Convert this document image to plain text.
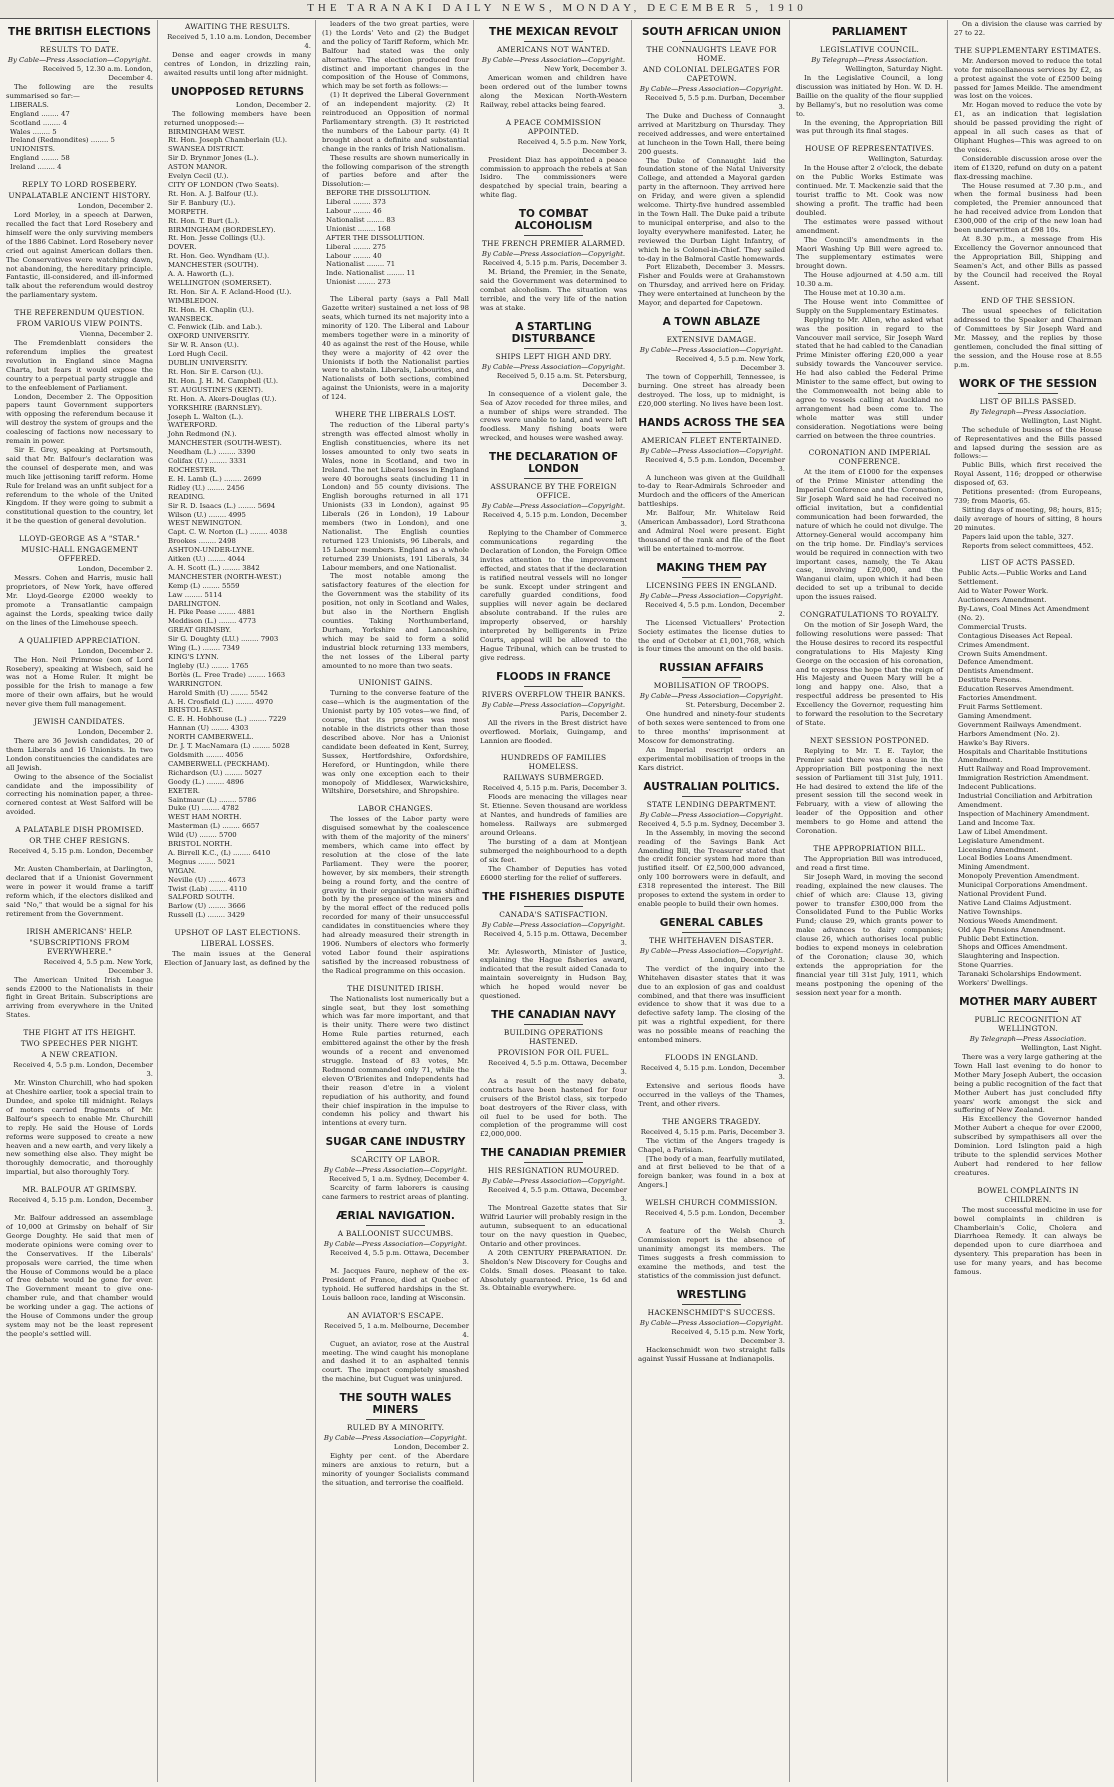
THE TARANAKI DAILY NEWS, MONDAY, DECEMBER 5, 1910
THE BRITISH ELECTIONS
RESULTS TO DATE.
By Cable—Press Association—Copyright.
Received 5, 12.30 a.m. London, December 4.

The following are the results summarised so far:—

LIBERALS.
England ........ 47
Scotland ........ 4
Wales ........ 5
Ireland (Redmondites) ........ 5
UNIONISTS.
England ........ 58
Ireland ........ 4
REPLY TO LORD ROSEBERY.
UNPALATABLE ANCIENT HISTORY.
London, December 2.

Lord Morley, in a speech at Darwen, recalled the fact that Lord Rosebery and himself were the only surviving members of the 1886 Cabinet. Lord Rosebery never cried out against American dollars then. The Conservatives were watching dawn, not abandoning, the hereditary principle. Fantastic, ill-considered, and ill-informed talk about the referendum would destroy the parliamentary system.

THE REFERENDUM QUESTION.
FROM VARIOUS VIEW POINTS.
Vienna, December 2.

The Fremdenblatt considers the referendum implies the greatest revolution in England since Magna Charta, but fears it would expose the country to a perpetual party struggle and to the enfeeblement of Parliament.

London, December 2. The Opposition papers taunt Government supporters with opposing the referendum because it will destroy the system of groups and the coalescing of factions now necessary to remain in power.

Sir E. Grey, speaking at Portsmouth, said that Mr. Balfour's declaration was the counsel of desperate men, and was much like jettisoning tariff reform. Home Rule for Ireland was an unfit subject for a referendum to the whole of the United Kingdom. If they were going to submit a constitutional question to the country, let it be the question of general devolution.

LLOYD-GEORGE AS A "STAR."
MUSIC-HALL ENGAGEMENT OFFERED.
London, December 2.

Messrs. Cohen and Harris, music hall proprietors, of New York, have offered Mr. Lloyd-George £2000 weekly to promote a Transatlantic campaign against the Lords, speaking twice daily on the lines of the Limehouse speech.

A QUALIFIED APPRECIATION.
London, December 2.

The Hon. Neil Primrose (son of Lord Rosebery), speaking at Wisbech, said he was not a Home Ruler. It might be possible for the Irish to manage a few more of their own affairs, but he would never give them full management.

JEWISH CANDIDATES.
London, December 2.

There are 36 Jewish candidates, 20 of them Liberals and 16 Unionists. In two London constituencies the candidates are all Jewish.

Owing to the absence of the Socialist candidate and the impossibility of correcting his nomination paper, a three-cornered contest at West Salford will be avoided.

A PALATABLE DISH PROMISED.
OR THE CHEF RESIGNS.
Received 4, 5.15 p.m. London, December 3.

Mr. Austen Chamberlain, at Darlington, declared that if a Unionist Government were in power it would frame a tariff reform which, if the electors disliked and said "No," that would be a signal for his retirement from the Government.

IRISH AMERICANS' HELP.
"SUBSCRIPTIONS FROM EVERYWHERE."
Received 4, 5.5 p.m. New York, December 3.

The American United Irish League sends £2000 to the Nationalists in their fight in Great Britain. Subscriptions are arriving from everywhere in the United States.

THE FIGHT AT ITS HEIGHT.
TWO SPEECHES PER NIGHT.
A NEW CREATION.
Received 4, 5.5 p.m. London, December 3.

Mr. Winston Churchill, who had spoken at Cheshire earlier, took a special train to Dundee, and spoke till midnight. Relays of motors carried fragments of Mr. Balfour's speech to enable Mr. Churchill to reply. He said the House of Lords reforms were supposed to create a new heaven and a new earth, and very likely a new something else also. They might be thoroughly democratic, and thoroughly impartial, but also thoroughly Tory.

MR. BALFOUR AT GRIMSBY.
Received 4, 5.15 p.m. London, December 3.

Mr. Balfour addressed an assemblage of 10,000 at Grimsby on behalf of Sir George Doughty. He said that men of moderate opinions were coming over to the Conservatives. If the Liberals' proposals were carried, the time when the House of Commons would be a place of free debate would be gone for ever. The Government meant to give one-chamber rule, and that chamber would be working under a gag. The actions of the House of Commons under the group system may not be the least represent the people's settled will.

AWAITING THE RESULTS.
Received 5, 1.10 a.m. London, December 4.

Dense and eager crowds in many centres of London, in drizzling rain, awaited results until long after midnight.

UNOPPOSED RETURNS
London, December 2.

The following members have been returned unopposed:—

BIRMINGHAM WEST.
Rt. Hon. Joseph Chamberlain (U.).
SWANSEA DISTRICT.
Sir D. Brynmor Jones (L.).
ASTON MANOR.
Evelyn Cecil (U.).
CITY OF LONDON (Two Seats).
Rt. Hon. A. J. Balfour (U.).
Sir F. Banbury (U.).
MORPETH.
Rt. Hon. T. Burt (L.).
BIRMINGHAM (BORDESLEY).
Rt. Hon. Jesse Collings (U.).
DOVER.
Rt. Hon. Geo. Wyndham (U.).
MANCHESTER (SOUTH).
A. A. Haworth (L.).
WELLINGTON (SOMERSET).
Rt. Hon. Sir A. F. Acland-Hood (U.).
WIMBLEDON.
Rt. Hon. H. Chaplin (U.).
WANSBECK.
C. Fenwick (Lib. and Lab.).
OXFORD UNIVERSITY.
Sir W. R. Anson (U.).
Lord Hugh Cecil.
DUBLIN UNIVERSITY.
Rt. Hon. Sir E. Carson (U.).
Rt. Hon. J. H. M. Campbell (U.).
ST. AUGUSTINE'S (KENT).
Rt. Hon. A. Akers-Douglas (U.).
YORKSHIRE (BARNSLEY).
Joseph L. Walton (L.).
WATERFORD.
John Redmond (N.).
MANCHESTER (SOUTH-WEST).
Needham (L.) ........ 3390
Colifax (U.) ........ 3331
ROCHESTER.
E. H. Lamb (L.) ........ 2699
Ridley (U.) ........ 2456
READING.
Sir R. D. Isaacs (L.) ........ 5694
Wilson (U.) ........ 4995
WEST NEWINGTON.
Capt. C. W. Norton (L.) ........ 4038
Brookes ........ 2498
ASHTON-UNDER-LYNE.
Aitken (U.) ........ 4044
A. H. Scott (L.) ........ 3842
MANCHESTER (NORTH-WEST.)
Kemp (L) ........ 5559
Law ........ 5114
DARLINGTON.
H. Pike Pease ........ 4881
Meddison (L.) ........ 4773
GREAT GRIMSBY.
Sir G. Doughty (LU.) ........ 7903
Wing (L.) ........ 7349
KING'S LYNN.
Ingleby (U.) ........ 1765
Borlès (L. Free Trade) ........ 1663
WARRINGTON.
Harold Smith (U) ........ 5542
A. H. Crosfield (L.) ........ 4970
BRISTOL EAST.
C. E. H. Hobhouse (L.) ........ 7229
Hannan (U) ........ 4303
NORTH CAMBERWELL.
Dr. J. T. MacNamara (L) ........ 5028
Goldsmith ........ 4056
CAMBERWELL (PECKHAM).
Richardson (U.) ........ 5027
Goody (L.) ........ 4896
EXETER.
Saintmaur (L) ........ 5786
Duke (U) ........ 4782
WEST HAM NORTH.
Masterman (L) ........ 6657
Wild (U) ........ 5700
BRISTOL NORTH.
A. Birrell K.C., (L) ........ 6410
Megnus ........ 5021
WIGAN.
Neville (U) ........ 4673
Twist (Lab) ........ 4110
SALFORD SOUTH.
Barlow (U) ........ 3666
Russell (L) ........ 3429
UPSHOT OF LAST ELECTIONS.
LIBERAL LOSSES.

The main issues at the General Election of January last, as defined by the

leaders of the two great parties, were (1) the Lords' Veto and (2) the Budget and the policy of Tariff Reform, which Mr. Balfour had stated was the only alternative. The election produced four distinct and important changes in the composition of the House of Commons, which may be set forth as follows:—

(1) It deprived the Liberal Government of an independent majority. (2) It reintroduced an Opposition of normal Parliamentary strength. (3) It restricted the numbers of the Labour party. (4) It brought about a definite and substantial change in the ranks of Irish Nationalism.

These results are shown numerically in the following comparison of the strength of parties before and after the Dissolution:—

BEFORE THE DISSOLUTION.
Liberal ........ 373
Labour ........ 46
Nationalist ........ 83
Unionist ........ 168
AFTER THE DISSOLUTION.
Liberal ........ 275
Labour ........ 40
Nationalist ........ 71
Inde. Nationalist ........ 11
Unionist ........ 273

The Liberal party (says a Pall Mall Gazette writer) sustained a net loss of 98 seats, which turned its net majority into a minority of 120. The Liberal and Labour members together were in a minority of 40 as against the rest of the House, while they were a majority of 42 over the Unionists if both the Nationalist parties were to abstain. Liberals, Labourites, and Nationalists of both sections, combined against the Unionists, were in a majority of 124.

WHERE THE LIBERALS LOST.

The reduction of the Liberal party's strength was effected almost wholly in English constituencies, where its net losses amounted to only two seats in Wales, none in Scotland, and two in Ireland. The net Liberal losses in England were 40 boroughs seats (including 11 in London) and 55 county divisions. The English boroughs returned in all 171 Unionists (33 in London), against 95 Liberals (26 in London), 19 Labour members (two in London), and one Nationalist. The English counties returned 123 Unionists, 96 Liberals, and 15 Labour members. England as a whole returned 239 Unionists, 191 Liberals, 34 Labour members, and one Nationalist.

The most notable among the satisfactory features of the election for the Government was the stability of its position, not only in Scotland and Wales, but also in the Northern English counties. Taking Northumberland, Durham, Yorkshire and Lancashire, which may be said to form a solid industrial block returning 133 members, the net losses of the Liberal party amounted to no more than two seats.

UNIONIST GAINS.

Turning to the converse feature of the case—which is the augmentation of the Unionist party by 105 votes—we find, of course, that its progress was most notable in the districts other than those described above. Nor has a Unionist candidate been defeated in Kent, Surrey, Sussex, Hertfordshire, Oxfordshire, Hereford, or Huntingdon, while there was only one exception each to their monopoly of Middlesex, Warwickshire, Wiltshire, Dorsetshire, and Shropshire.

LABOR CHANGES.

The losses of the Labor party were disguised somewhat by the coalescence with them of the majority of the miners' members, which came into effect by resolution at the close of the late Parliament. They were the poorer, however, by six members, their strength being a round forty, and the centre of gravity in their organisation was shifted both by the presence of the miners and by the moral effect of the reduced polls recorded for many of their unsuccessful candidates in constituencies where they had already measured their strength in 1906. Numbers of electors who formerly voted Labor found their aspirations satisfied by the increased robustness of the Radical programme on this occasion.

THE DISUNITED IRISH.

The Nationalists lost numerically but a single seat, but they lost something which was far more important, and that is their unity. There were two distinct Home Rule parties returned, each embittered against the other by the fresh wounds of a recent and envenomed struggle. Instead of 83 votes, Mr. Redmond commanded only 71, while the eleven O'Brienites and Independents had their reason d'etre in a violent repudiation of his authority, and found their chief inspiration in the impulse to condemn his policy and thwart his intentions at every turn.

SUGAR CANE INDUSTRY
SCARCITY OF LABOR.
By Cable—Press Association—Copyright.
Received 5, 1 a.m. Sydney, December 4.

Scarcity of farm laborers is causing cane farmers to restrict areas of planting.

ÆRIAL NAVIGATION.
A BALLOONIST SUCCUMBS.
By Cable—Press Association—Copyright.
Received 4, 5.5 p.m. Ottawa, December 3.

M. Jacques Faure, nephew of the ex-President of France, died at Quebec of typhoid. He suffered hardships in the St. Louis balloon race, landing at Wisconsin.

AN AVIATOR'S ESCAPE.
Received 5, 1 a.m. Melbourne, December 4.

Cuguet, an aviator, rose at the Austral meeting. The wind caught his monoplane and dashed it to an asphalted tennis court. The impact completely smashed the machine, but Cuguet was uninjured.

THE SOUTH WALES MINERS
RULED BY A MINORITY.
By Cable—Press Association—Copyright.
London, December 2.

Eighty per cent. of the Aberdare miners are anxious to return, but a minority of younger Socialists command the situation, and terrorise the coalfield.

THE MEXICAN REVOLT
AMERICANS NOT WANTED.
By Cable—Press Association—Copyright.
New York, December 3.

American women and children have been ordered out of the lumber towns along the Mexican North-Western Railway, rebel attacks being feared.

A PEACE COMMISSION APPOINTED.
Received 4, 5.5 p.m. New York, December 3.

President Diaz has appointed a peace commission to approach the rebels at San Isidro. The commissioners were despatched by special train, bearing a white flag.

TO COMBAT ALCOHOLISM
THE FRENCH PREMIER ALARMED.
By Cable—Press Association—Copyright.
Received 4, 5.15 p.m. Paris, December 3.

M. Briand, the Premier, in the Senate, said the Government was determined to combat alcoholism. The situation was terrible, and the very life of the nation was at stake.

A STARTLING DISTURBANCE
SHIPS LEFT HIGH AND DRY.
By Cable—Press Association—Copyright.
Received 5, 0.15 a.m. St. Petersburg, December 3.

In consequence of a violent gale, the Sea of Azov receded for three miles, and a number of ships were stranded. The crews were unable to land, and were left foodless. Many fishing boats were wrecked, and houses were washed away.

THE DECLARATION OF LONDON
ASSURANCE BY THE FOREIGN OFFICE.
By Cable—Press Association—Copyright.
Received 4, 5.15 p.m. London, December 3.

Replying to the Chamber of Commerce communications regarding the Declaration of London, the Foreign Office invites attention to the improvement effected, and states that if the declaration is ratified neutral vessels will no longer be sunk. Except under stringent and carefully guarded conditions, food supplies will never again be declared absolute contraband. If the rules are improperly observed, or harshly interpreted by belligerents in Prize Courts, appeal will be allowed to the Hague Tribunal, which can be trusted to give redress.

FLOODS IN FRANCE
RIVERS OVERFLOW THEIR BANKS.
By Cable—Press Association—Copyright.
Paris, December 2.

All the rivers in the Brest district have overflowed. Morlaix, Guingamp, and Lannion are flooded.

HUNDREDS OF FAMILIES HOMELESS.
RAILWAYS SUBMERGED.
Received 4, 5.15 p.m. Paris, December 3.

Floods are menacing the villages near St. Etienne. Seven thousand are workless at Nantes, and hundreds of families are homeless. Railways are submerged around Orleans.

The bursting of a dam at Montjean submerged the neighbourhood to a depth of six feet.

The Chamber of Deputies has voted £6000 sterling for the relief of sufferers.

THE FISHERIES DISPUTE
CANADA'S SATISFACTION.
By Cable—Press Association—Copyright.
Received 4, 5.15 p.m. Ottawa, December 3.

Mr. Aylesworth, Minister of Justice, explaining the Hague fisheries award, indicated that the result aided Canada to maintain sovereignty in Hudson Bay, which he hoped would never be questioned.

THE CANADIAN NAVY
BUILDING OPERATIONS HASTENED.
PROVISION FOR OIL FUEL.
Received 4, 5.5 p.m. Ottawa, December 3.

As a result of the navy debate, contracts have been hastened for four cruisers of the Bristol class, six torpedo boat destroyers of the River class, with oil fuel to be used for both. The completion of the programme will cost £2,000,000.

THE CANADIAN PREMIER
HIS RESIGNATION RUMOURED.
By Cable—Press Association—Copyright.
Received 4, 5.5 p.m. Ottawa, December 3.

The Montreal Gazette states that Sir Wilfrid Laurier will probably resign in the autumn, subsequent to an educational tour on the navy question in Quebec, Ontario and other provinces.

A 20th CENTURY PREPARATION. Dr. Sheldon's New Discovery for Coughs and Colds. Small doses. Pleasant to take. Absolutely guaranteed. Price, 1s 6d and 3s. Obtainable everywhere.

SOUTH AFRICAN UNION
THE CONNAUGHTS LEAVE FOR HOME.
AND COLONIAL DELEGATES FOR CAPETOWN.
By Cable—Press Association—Copyright.
Received 5, 5.5 p.m. Durban, December 3.

The Duke and Duchess of Connaught arrived at Maritzburg on Thursday. They received addresses, and were entertained at luncheon in the Town Hall, there being 200 guests.

The Duke of Connaught laid the foundation stone of the Natal University College, and attended a Mayoral garden party in the afternoon. They arrived here on Friday, and were given a splendid welcome. Thirty-five hundred assembled in the Town Hall. The Duke paid a tribute to municipal enterprise, and also to the loyalty everywhere manifested. Later, he reviewed the Durban Light Infantry, of which he is Colonel-in-Chief. They sailed to-day in the Balmoral Castle homewards.

Port Elizabeth, December 3. Messrs. Fisher and Foulds were at Grahamstown on Thursday, and arrived here on Friday. They were entertained at luncheon by the Mayor, and departed for Capetown.

A TOWN ABLAZE
EXTENSIVE DAMAGE.
By Cable—Press Association—Copyright.
Received 4, 5.5 p.m. New York, December 3.

The town of Copperhill, Tennessee, is burning. One street has already been destroyed. The loss, up to midnight, is £20,000 sterling. No lives have been lost.

HANDS ACROSS THE SEA
AMERICAN FLEET ENTERTAINED.
By Cable—Press Association—Copyright.
Received 4, 5.5 p.m. London, December 3.

A luncheon was given at the Guildhall to-day to Rear-Admirals Schroeder and Murdoch and the officers of the American battleships.

Mr. Balfour, Mr. Whitelaw Reid (American Ambassador), Lord Strathcona and Admiral Noel were present. Eight thousand of the rank and file of the fleet will be entertained to-morrow.

MAKING THEM PAY
LICENSING FEES IN ENGLAND.
By Cable—Press Association—Copyright.
Received 4, 5.5 p.m. London, December 2.

The Licensed Victuallers' Protection Society estimates the license duties to the end of October at £1,001,768, which is four times the amount on the old basis.

RUSSIAN AFFAIRS
MOBILISATION OF TROOPS.
By Cable—Press Association—Copyright.
St. Petersburg, December 2.

One hundred and ninety-four students of both sexes were sentenced to from one to three months' imprisonment at Moscow for demonstrating.

An Imperial rescript orders an experimental mobilisation of troops in the Kars district.

AUSTRALIAN POLITICS.
STATE LENDING DEPARTMENT.
By Cable—Press Association—Copyright.
Received 4, 5.5 p.m. Sydney, December 3.

In the Assembly, in moving the second reading of the Savings Bank Act Amending Bill, the Treasurer stated that the credit foncier system had more than justified itself. Of £2,500,000 advanced, only 100 borrowers were in default, and £318 represented the interest. The Bill proposes to extend the system in order to enable people to build their own homes.

GENERAL CABLES
THE WHITEHAVEN DISASTER.
By Cable—Press Association—Copyright.
London, December 3.

The verdict of the inquiry into the Whitehaven disaster states that it was due to an explosion of gas and coaldust combined, and that there was insufficient evidence to show that it was due to a defective safety lamp. The closing of the pit was a rightful expedient, for there was no possible means of reaching the entombed miners.

FLOODS IN ENGLAND.
Received 4, 5.15 p.m. London, December 3.

Extensive and serious floods have occurred in the valleys of the Thames, Trent, and other rivers.

THE ANGERS TRAGEDY.
Received 4, 5.15 p.m. Paris, December 3.

The victim of the Angers tragedy is Chapel, a Parisian.

[The body of a man, fearfully mutilated, and at first believed to be that of a foreign banker, was found in a box at Angers.]

WELSH CHURCH COMMISSION.
Received 4, 5.5 p.m. London, December 3.

A feature of the Welsh Church Commission report is the absence of unanimity amongst its members. The Times suggests a fresh commission to examine the methods, and test the statistics of the commission just defunct.

WRESTLING
HACKENSCHMIDT'S SUCCESS.
By Cable—Press Association—Copyright.
Received 4, 5.15 p.m. New York, December 3.

Hackenschmidt won two straight falls against Yussif Hussane at Indianapolis.

PARLIAMENT
LEGISLATIVE COUNCIL.
By Telegraph—Press Association.
Wellington, Saturday Night.

In the Legislative Council, a long discussion was initiated by Hon. W. D. H. Baillie on the quality of the flour supplied by Bellamy's, but no resolution was come to.

In the evening, the Appropriation Bill was put through its final stages.

HOUSE OF REPRESENTATIVES.
Wellington, Saturday.

In the House after 2 o'clock, the debate on the Public Works Estimate was continued. Mr. T. Mackenzie said that the tourist traffic to Mt. Cook was now showing a profit. The traffic had been doubled.

The estimates were passed without amendment.

The Council's amendments in the Maori Washing Up Bill were agreed to. The supplementary estimates were brought down.

The House adjourned at 4.50 a.m. till 10.30 a.m.

The House met at 10.30 a.m.

The House went into Committee of Supply on the Supplementary Estimates.

Replying to Mr. Allen, who asked what was the position in regard to the Vancouver mail service, Sir Joseph Ward stated that he had cabled to the Canadian Prime Minister offering £20,000 a year subsidy towards the Vancouver service. He had also cabled the Federal Prime Minister to the same effect, but owing to the Commonwealth not being able to agree to vessels calling at Auckland no arrangement had been come to. The whole matter was still under consideration. Negotiations were being carried on between the three countries.

CORONATION AND IMPERIAL CONFERENCE.

At the item of £1000 for the expenses of the Prime Minister attending the Imperial Conference and the Coronation, Sir Joseph Ward said he had received no official invitation, but a confidential communication had been forwarded, the nature of which he could not divulge. The Attorney-General would accompany him on the trip home. Dr. Findlay's services would be required in connection with two important cases, namely, the Te Akau case, involving £20,000, and the Wanganui claim, upon which it had been decided to set up a tribunal to decide upon the issues raised.

CONGRATULATIONS TO ROYALTY.

On the motion of Sir Joseph Ward, the following resolutions were passed: That the House desires to record its respectful congratulations to His Majesty King George on the occasion of his coronation, and to express the hope that the reign of His Majesty and Queen Mary will be a long and happy one. Also, that a respectful address be presented to His Excellency the Governor, requesting him to forward the resolution to the Secretary of State.

NEXT SESSION POSTPONED.

Replying to Mr. T. E. Taylor, the Premier said there was a clause in the Appropriation Bill postponing the next session of Parliament till 31st July, 1911. He had desired to extend the life of the present session till the second week in February, with a view of allowing the leader of the Opposition and other members to go Home and attend the Coronation.

THE APPROPRIATION BILL.

The Appropriation Bill was introduced, and read a first time.

Sir Joseph Ward, in moving the second reading, explained the new clauses. The chief of which are: Clause 13, giving power to transfer £300,000 from the Consolidated Fund to the Public Works Fund; clause 29, which grants power to make advances to dairy companies; clause 26, which authorises local public bodies to expend moneys in celebration of the Coronation; clause 30, which extends the appropriation for the financial year till 31st July, 1911, which means postponing the opening of the session next year for a month.

On a division the clause was carried by 27 to 22.

THE SUPPLEMENTARY ESTIMATES.

Mr. Anderson moved to reduce the total vote for miscellaneous services by £2, as a protest against the vote of £2500 being passed for James Meikle. The amendment was lost on the voices.

Mr. Hogan moved to reduce the vote by £1, as an indication that legislation should be passed providing the right of appeal in all such cases as that of Oliphant Hughes—This was agreed to on the voices.

Considerable discussion arose over the item of £1320, refund on duty on a patent flax-dressing machine.

The House resumed at 7.30 p.m., and when the formal business had been completed, the Premier announced that he had received advice from London that £300,000 of the crip of the new loan had been underwritten at £98 10s.

At 8.30 p.m., a message from His Excellency the Governor announced that the Appropriation Bill, Shipping and Seamen's Act, and other Bills as passed by the Council had received the Royal Assent.

END OF THE SESSION.

The usual speeches of felicitation addressed to the Speaker and Chairman of Committees by Sir Joseph Ward and Mr. Massey, and the replies by those gentlemen, concluded the final sitting of the session, and the House rose at 8.55 p.m.

WORK OF THE SESSION
LIST OF BILLS PASSED.
By Telegraph—Press Association.
Wellington, Last Night.

The schedule of business of the House of Representatives and the Bills passed and lapsed during the session are as follows:—

Public Bills, which first received the Royal Assent, 116; dropped or otherwise disposed of, 63.

Petitions presented: (from Europeans, 739; from Maoris, 65.

Sitting days of meeting, 98; hours, 815; daily average of hours of sitting, 8 hours 20 minutes.

Papers laid upon the table, 327.

Reports from select committees, 452.

LIST OF ACTS PASSED.
Public Acts.—Public Works and Land Settlement.
Aid to Water Power Work.
Auctioneers Amendment.
By-Laws, Coal Mines Act Amendment (No. 2).
Commercial Trusts.
Contagious Diseases Act Repeal.
Crimes Amendment.
Crown Suits Amendment.
Defence Amendment.
Dentists Amendment.
Destitute Persons.
Education Reserves Amendment.
Factories Amendment.
Fruit Farms Settlement.
Gaming Amendment.
Government Railways Amendment.
Harbors Amendment (No. 2).
Hawke's Bay Rivers.
Hospitals and Charitable Institutions Amendment.
Hutt Railway and Road Improvement.
Immigration Restriction Amendment.
Indecent Publications.
Industrial Conciliation and Arbitration Amendment.
Inspection of Machinery Amendment.
Land and Income Tax.
Law of Libel Amendment.
Legislature Amendment.
Licensing Amendment.
Local Bodies Loans Amendment.
Mining Amendment.
Monopoly Prevention Amendment.
Municipal Corporations Amendment.
National Provident Fund.
Native Land Claims Adjustment.
Native Townships.
Noxious Weeds Amendment.
Old Age Pensions Amendment.
Public Debt Extinction.
Shops and Offices Amendment.
Slaughtering and Inspection.
Stone Quarries.
Taranaki Scholarships Endowment.
Workers' Dwellings.
MOTHER MARY AUBERT
PUBLIC RECOGNITION AT WELLINGTON.
By Telegraph—Press Association.
Wellington, Last Night.

There was a very large gathering at the Town Hall last evening to do honor to Mother Mary Joseph Aubert, the occasion being a public recognition of the fact that Mother Aubert has just concluded fifty years' work amongst the sick and suffering of New Zealand.

His Excellency the Governor handed Mother Aubert a cheque for over £2000, subscribed by sympathisers all over the Dominion. Lord Islington paid a high tribute to the splendid services Mother Aubert had rendered to her fellow creatures.

BOWEL COMPLAINTS IN CHILDREN.

The most successful medicine in use for bowel complaints in children is Chamberlain's Colic, Cholera and Diarrhoea Remedy. It can always be depended upon to cure diarrhoea and dysentery. This preparation has been in use for many years, and has become famous.
